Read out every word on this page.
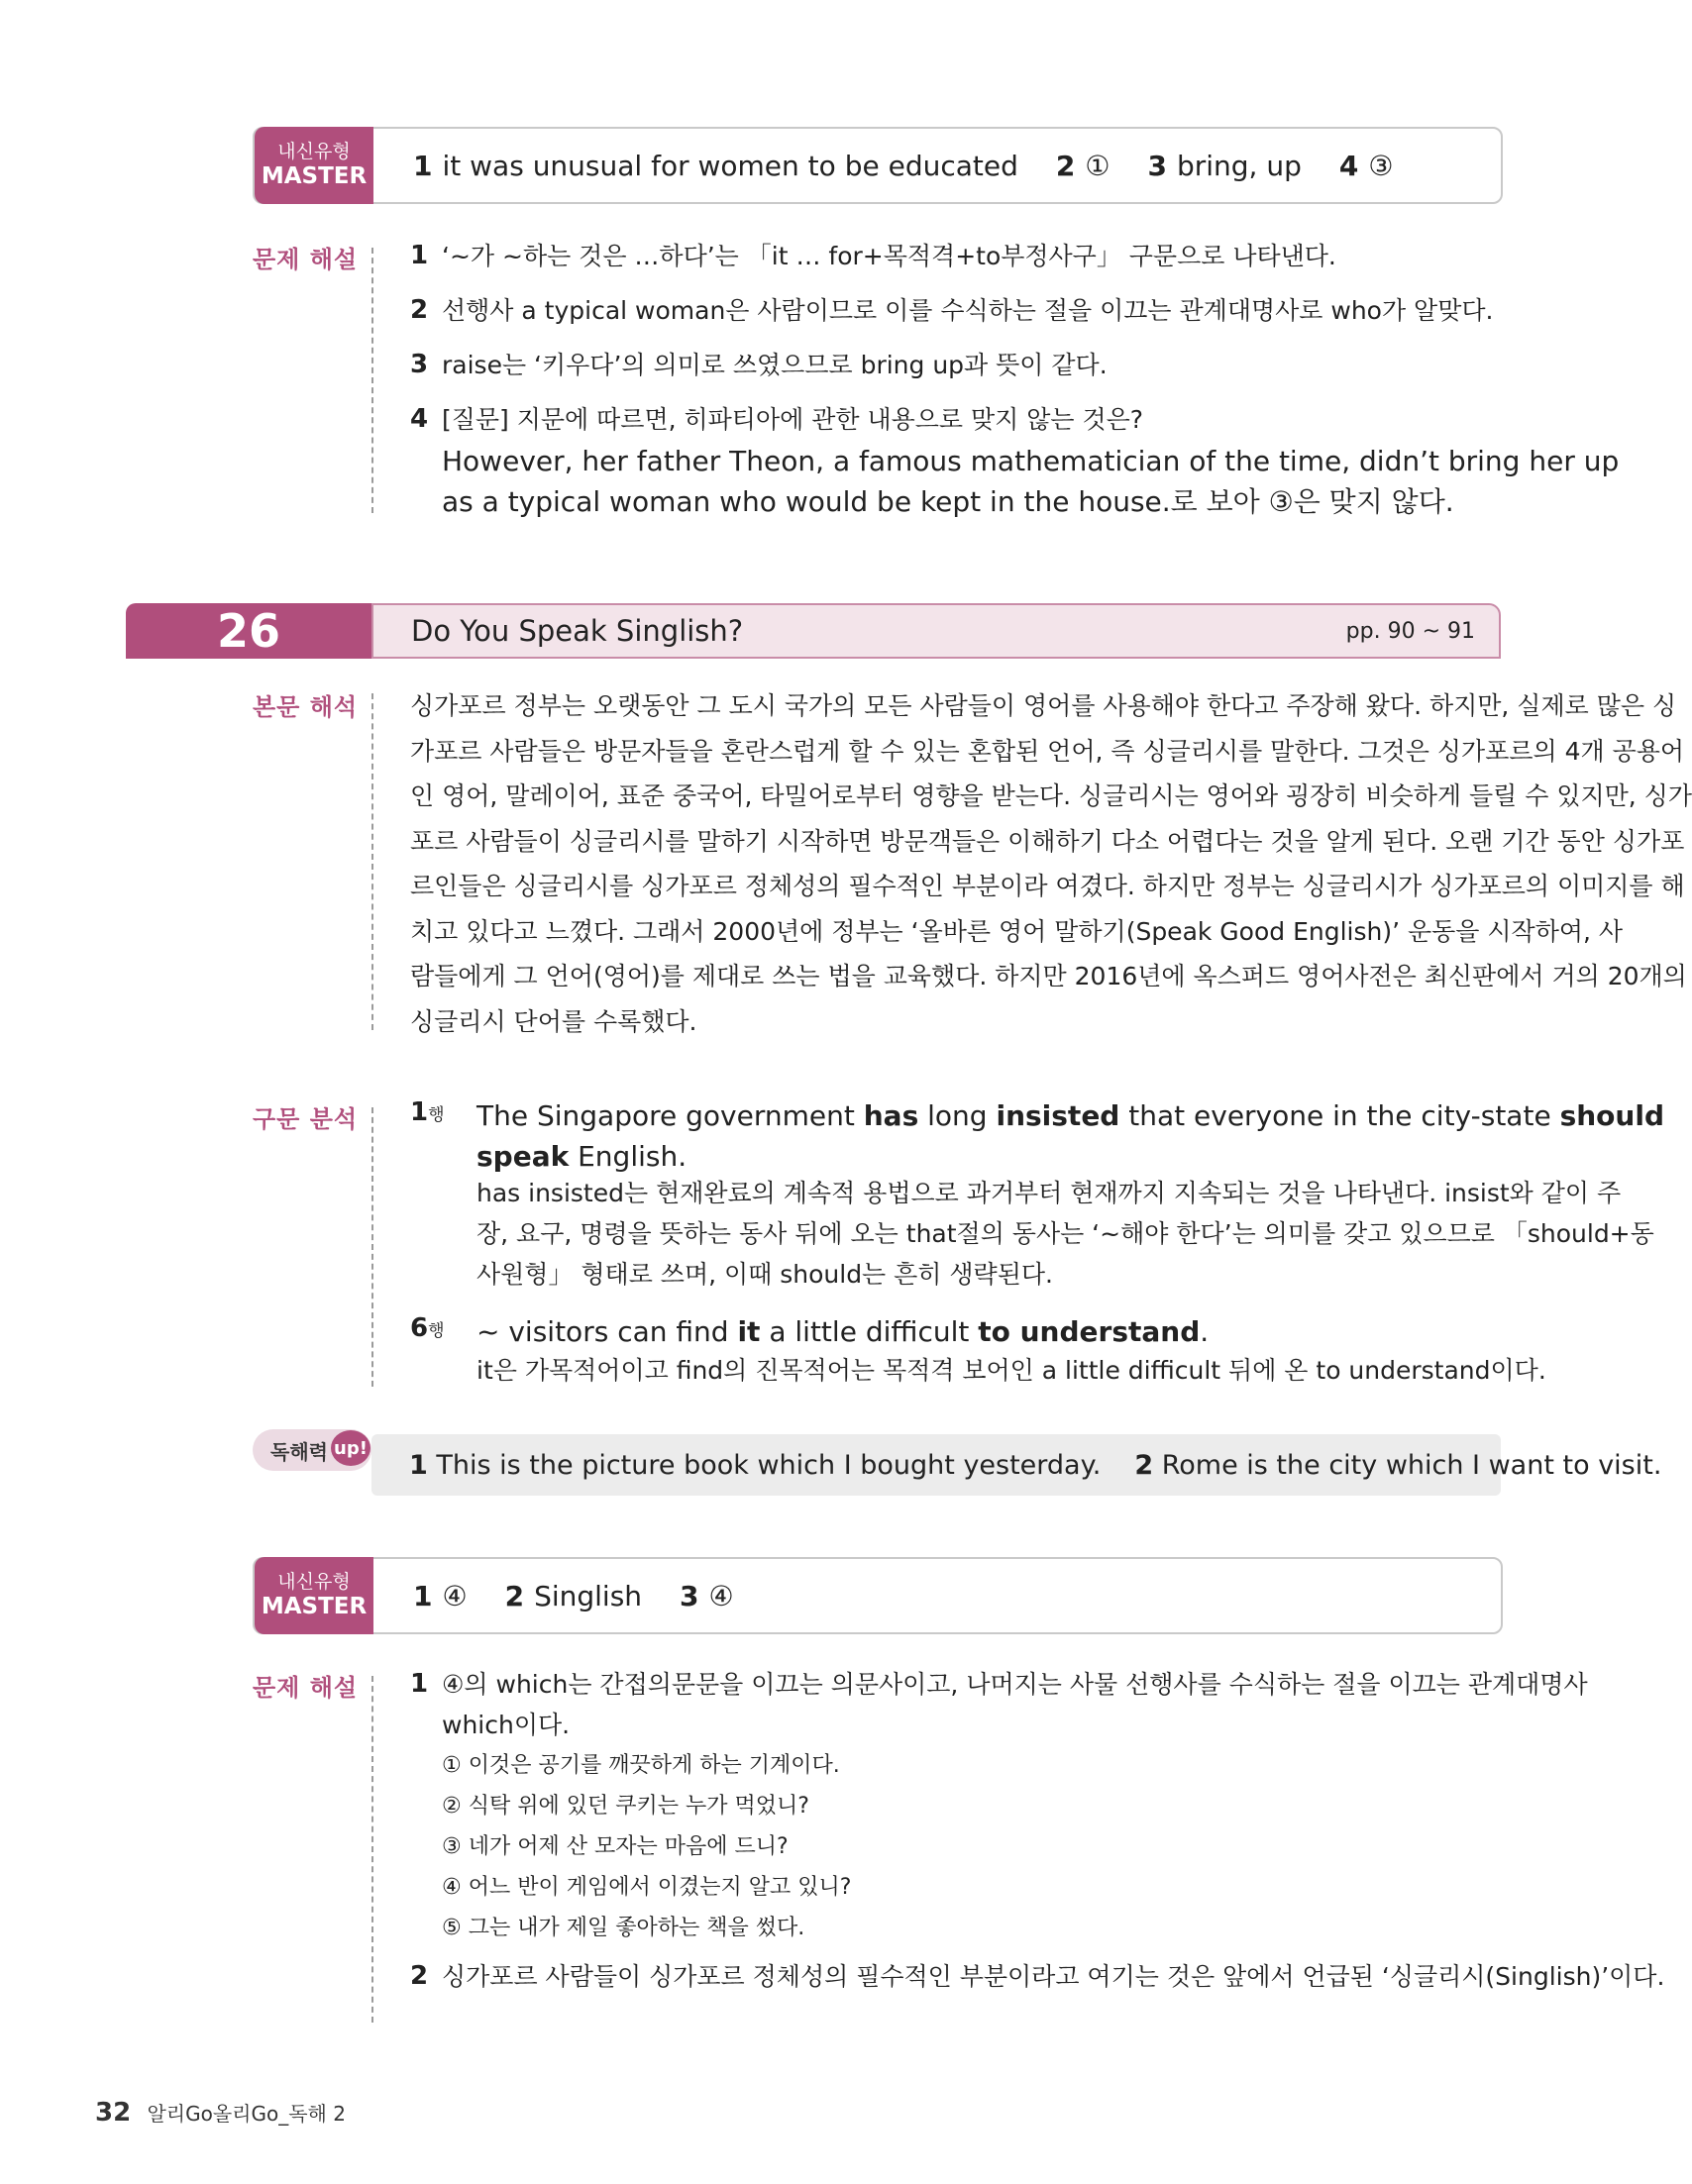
내신유형
MASTER 1 it was unusual for women to be educated 2 ① 3 bring, up 4 ③
문제 해설 1 ‘~가 ~하는 것은 …하다’는 「it … for+목적격+to부정사구」 구문으로 나타낸다.
2 선행사 a typical woman은 사람이므로 이를 수식하는 절을 이끄는 관계대명사로 who가 알맞다.
3 raise는 ‘키우다’의 의미로 쓰였으므로 bring up과 뜻이 같다.
4 [질문] 지문에 따르면, 히파티아에 관한 내용으로 맞지 않는 것은?
However, her father Theon, a famous mathematician of the time, didn’t bring her up
as a typical woman who would be kept in the house.로 보아 ③은 맞지 않다.
26	Do You Speak Singlish?	pp. 90 ~ 91
본문 해석 싱가포르 정부는 오랫동안 그 도시 국가의 모든 사람들이 영어를 사용해야 한다고 주장해 왔다. 하지만, 실제로 많은 싱
가포르 사람들은 방문자들을 혼란스럽게 할 수 있는 혼합된 언어, 즉 싱글리시를 말한다. 그것은 싱가포르의 4개 공용어
인 영어, 말레이어, 표준 중국어, 타밀어로부터 영향을 받는다. 싱글리시는 영어와 굉장히 비슷하게 들릴 수 있지만, 싱가
포르 사람들이 싱글리시를 말하기 시작하면 방문객들은 이해하기 다소 어렵다는 것을 알게 된다. 오랜 기간 동안 싱가포
르인들은 싱글리시를 싱가포르 정체성의 필수적인 부분이라 여겼다. 하지만 정부는 싱글리시가 싱가포르의 이미지를 해
치고 있다고 느꼈다. 그래서 2000년에 정부는 ‘올바른 영어 말하기(Speak Good English)’ 운동을 시작하여, 사
람들에게 그 언어(영어)를 제대로 쓰는 법을 교육했다. 하지만 2016년에 옥스퍼드 영어사전은 최신판에서 거의 20개의
싱글리시 단어를 수록했다.
구문 분석 1행 The Singapore government has long insisted that everyone in the city-state should
speak English.
has insisted는 현재완료의 계속적 용법으로 과거부터 현재까지 지속되는 것을 나타낸다. insist와 같이 주
장, 요구, 명령을 뜻하는 동사 뒤에 오는 that절의 동사는 ‘~해야 한다’는 의미를 갖고 있으므로 「should+동
사원형」 형태로 쓰며, 이때 should는 흔히 생략된다.
6행 ~ visitors can find it a little difficult to understand.
it은 가목적어이고 find의 진목적어는 목적격 보어인 a little difficult 뒤에 온 to understand이다.
독해력 up!
1 This is the picture book which I bought yesterday. 2 Rome is the city which I want to visit.
내신유형
MASTER 1 ④ 2 Singlish 3 ④
문제 해설 1 ④의 which는 간접의문문을 이끄는 의문사이고, 나머지는 사물 선행사를 수식하는 절을 이끄는 관계대명사
which이다.
① 이것은 공기를 깨끗하게 하는 기계이다.
② 식탁 위에 있던 쿠키는 누가 먹었니?
③ 네가 어제 산 모자는 마음에 드니?
④ 어느 반이 게임에서 이겼는지 알고 있니?
⑤ 그는 내가 제일 좋아하는 책을 썼다.
2 싱가포르 사람들이 싱가포르 정체성의 필수적인 부분이라고 여기는 것은 앞에서 언급된 ‘싱글리시(Singlish)’이다.
32 알리Go올리Go_독해 2
